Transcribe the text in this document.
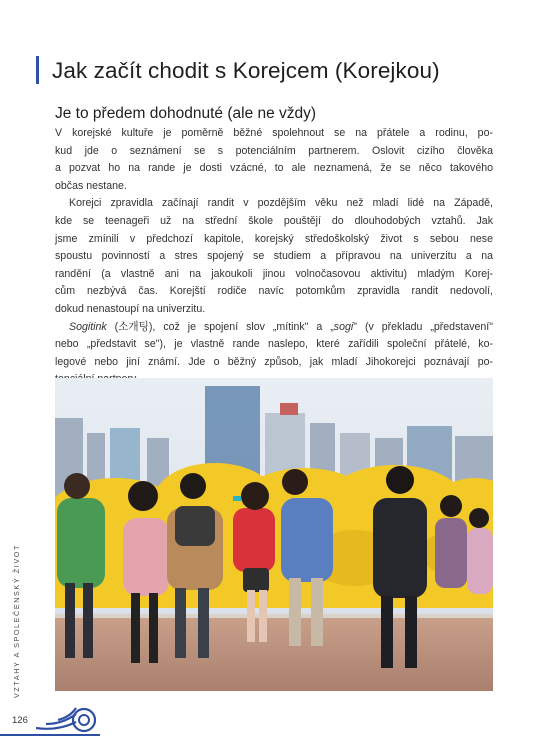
Jak začít chodit s Korejcem (Korejkou)
Je to předem dohodnuté (ale ne vždy)

V korejské kultuře je poměrně běžné spolehnout se na přátele a rodinu, po-
kud jde o seznámení se s potenciálním partnerem. Oslovit cizího člověka
a pozvat ho na rande je dosti vzácné, to ale neznamená, že se něco takového
občas nestane.

Korejci zpravidla začínají randit v pozdějším věku než mladí lidé na Západě,
kde se teenageři už na střední škole pouštějí do dlouhodobých vztahů. Jak
jsme zmínili v předchozí kapitole, korejský středoškolský život s sebou nese
spoustu povinností a stres spojený se studiem a přípravou na univerzitu a na
randění (a vlastně ani na jakoukoli jinou volnočasovou aktivitu) mladým Korej-
cům nezbývá čas. Korejští rodiče navíc potomkům zpravidla randit nedovolí,
dokud nenastoupí na univerzitu.

Sogitink (소개팅), což je spojení slov „mítink" a „sogi" (v překladu „představení"
nebo „představit se"), je vlastně rande naslepo, které zařídili společní přátelé, ko-
legové nebo jiní známí. Jde o běžný způsob, jak mladí Jihokorejci poznávají po-

VZTAHY A SPOLEČENSKÝ ŽIVOT
126
